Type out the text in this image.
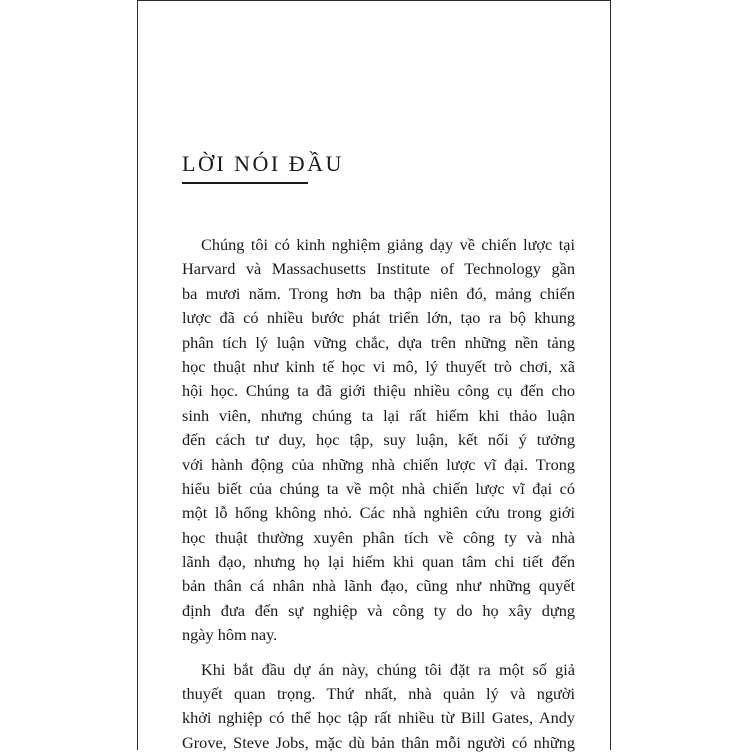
LỜI NÓI ĐẦU
Chúng tôi có kinh nghiệm giảng dạy về chiến lược tại
Harvard và Massachusetts Institute of Technology gần
ba mươi năm. Trong hơn ba thập niên đó, mảng chiến
lược đã có nhiều bước phát triển lớn, tạo ra bộ khung
phân tích lý luận vững chắc, dựa trên những nền tảng
học thuật như kinh tế học vi mô, lý thuyết trò chơi, xã
hội học. Chúng ta đã giới thiệu nhiều công cụ đến cho
sinh viên, nhưng chúng ta lại rất hiếm khi thảo luận
đến cách tư duy, học tập, suy luận, kết nối ý tưởng
với hành động của những nhà chiến lược vĩ đại. Trong
hiểu biết của chúng ta về một nhà chiến lược vĩ đại có
một lỗ hổng không nhỏ. Các nhà nghiên cứu trong giới
học thuật thường xuyên phân tích về công ty và nhà
lãnh đạo, nhưng họ lại hiếm khi quan tâm chi tiết đến
bản thân cá nhân nhà lãnh đạo, cũng như những quyết
định đưa đến sự nghiệp và công ty do họ xây dựng
ngày hôm nay.
Khi bắt đầu dự án này, chúng tôi đặt ra một số giả
thuyết quan trọng. Thứ nhất, nhà quản lý và người
khởi nghiệp có thể học tập rất nhiều từ Bill Gates, Andy
Grove, Steve Jobs, mặc dù bản thân mỗi người có những
